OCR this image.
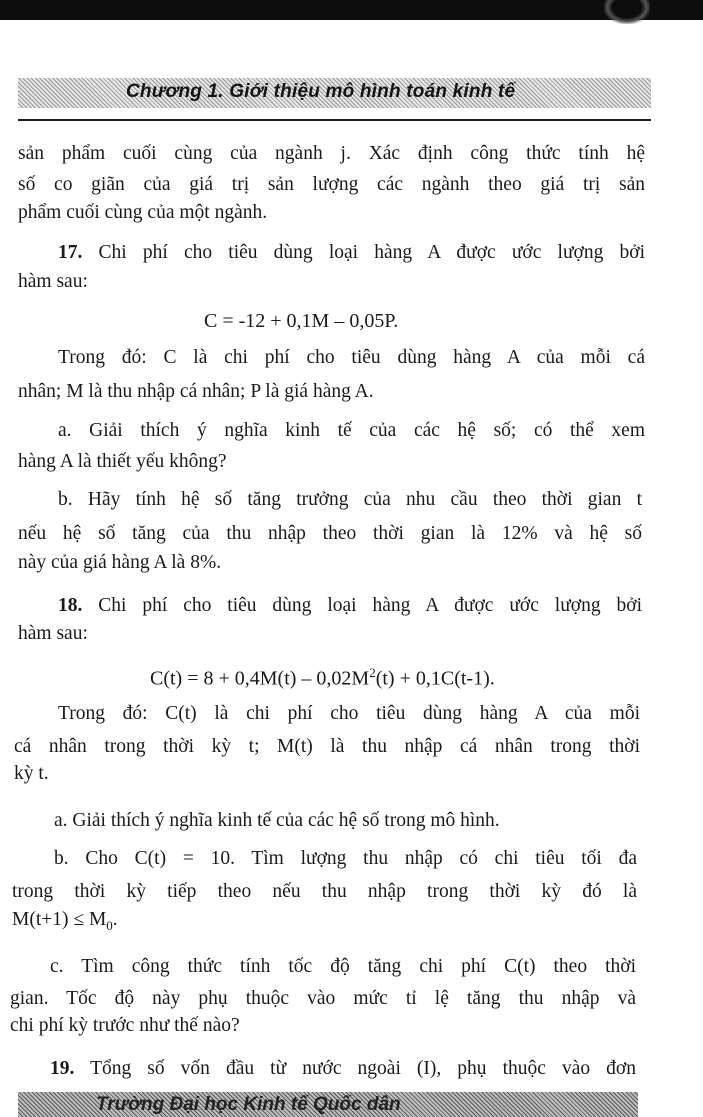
Chương 1. Giới thiệu mô hình toán kinh tế

sản phẩm cuối cùng của ngành j. Xác định công thức tính hệ

số co giãn của giá trị sản lượng các ngành theo giá trị sản

phẩm cuối cùng của một ngành.

17. Chi phí cho tiêu dùng loại hàng A được ước lượng bởi

hàm sau:

C = -12 + 0,1M – 0,05P.

Trong đó: C là chi phí cho tiêu dùng hàng A của mỗi cá

nhân; M là thu nhập cá nhân; P là giá hàng A.

a. Giải thích ý nghĩa kinh tế của các hệ số; có thể xem

hàng A là thiết yếu không?

b. Hãy tính hệ số tăng trưởng của nhu cầu theo thời gian t

nếu hệ số tăng của thu nhập theo thời gian là 12% và hệ số

này của giá hàng A là 8%.

18. Chi phí cho tiêu dùng loại hàng A được ước lượng bởi

hàm sau:

$C(t) = 8 + 0,4M(t) - 0,02M^2(t) + 0,1C(t-1)$.

Trong đó: C(t) là chi phí cho tiêu dùng hàng A của mỗi

cá nhân trong thời kỳ t; M(t) là thu nhập cá nhân trong thời

kỳ t.

a. Giải thích ý nghĩa kinh tế của các hệ số trong mô hình.

b. Cho C(t) = 10. Tìm lượng thu nhập có chi tiêu tối đa

trong thời kỳ tiếp theo nếu thu nhập trong thời kỳ đó là

$M(t+1) \le M_0$.

c. Tìm công thức tính tốc độ tăng chi phí C(t) theo thời

gian. Tốc độ này phụ thuộc vào mức tỉ lệ tăng thu nhập và

chi phí kỳ trước như thế nào?

19. Tổng số vốn đầu từ nước ngoài (I), phụ thuộc vào đơn

Trường Đại học Kinh tế Quốc dân
